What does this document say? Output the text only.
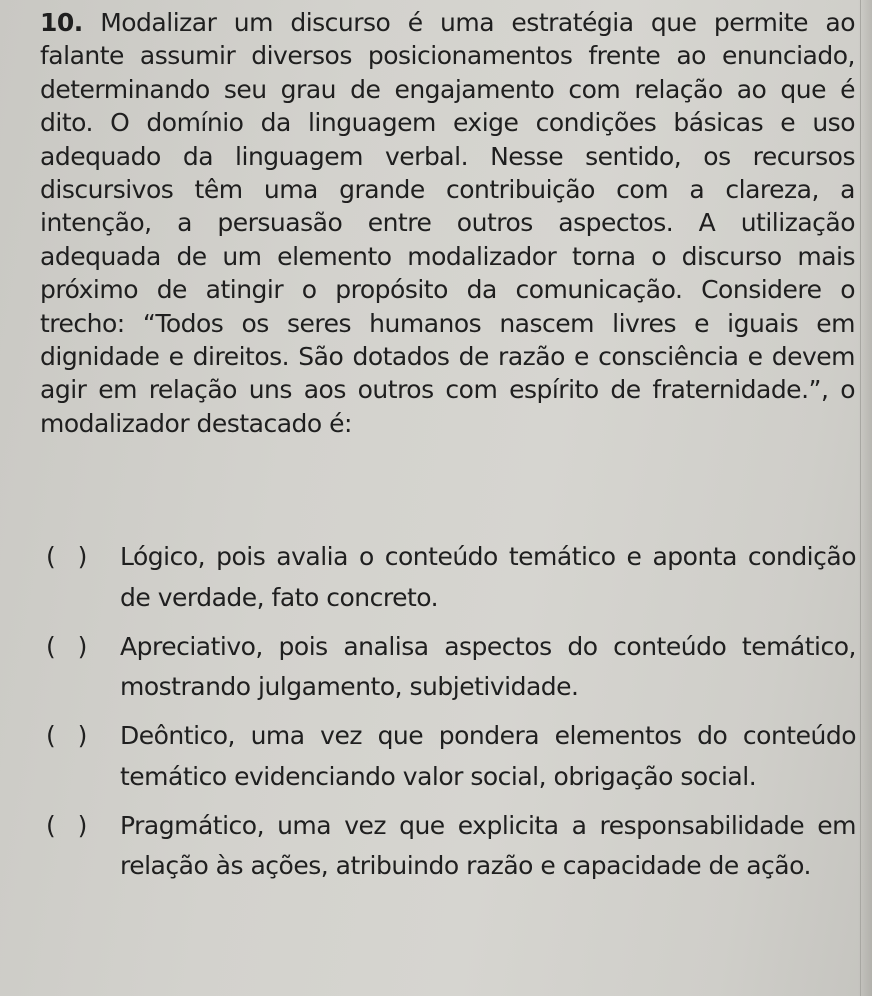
10. Modalizar um discurso é uma estratégia que permite ao falante assumir diversos posicionamentos frente ao enunciado, determinando seu grau de engajamento com relação ao que é dito. O domínio da linguagem exige condições básicas e uso adequado da linguagem verbal. Nesse sentido, os recursos discursivos têm uma grande contribuição com a clareza, a intenção, a persuasão entre outros aspectos. A utilização adequada de um elemento modalizador torna o discurso mais próximo de atingir o propósito da comunicação. Considere o trecho: “Todos os seres humanos nascem livres e iguais em dignidade e direitos. São dotados de razão e consciência e devem agir em relação uns aos outros com espírito de fraternidade.”, o modalizador destacado é:
(   )	Lógico, pois avalia o conteúdo temático e aponta condição de verdade, fato concreto.
(   )	Apreciativo, pois analisa aspectos do conteúdo temático, mostrando julgamento, subjetividade.
(   )	Deôntico, uma vez que pondera elementos do conteúdo temático evidenciando valor social, obrigação social.
(   )	Pragmático, uma vez que explicita a responsabilidade em relação às ações, atribuindo razão e capacidade de ação.
